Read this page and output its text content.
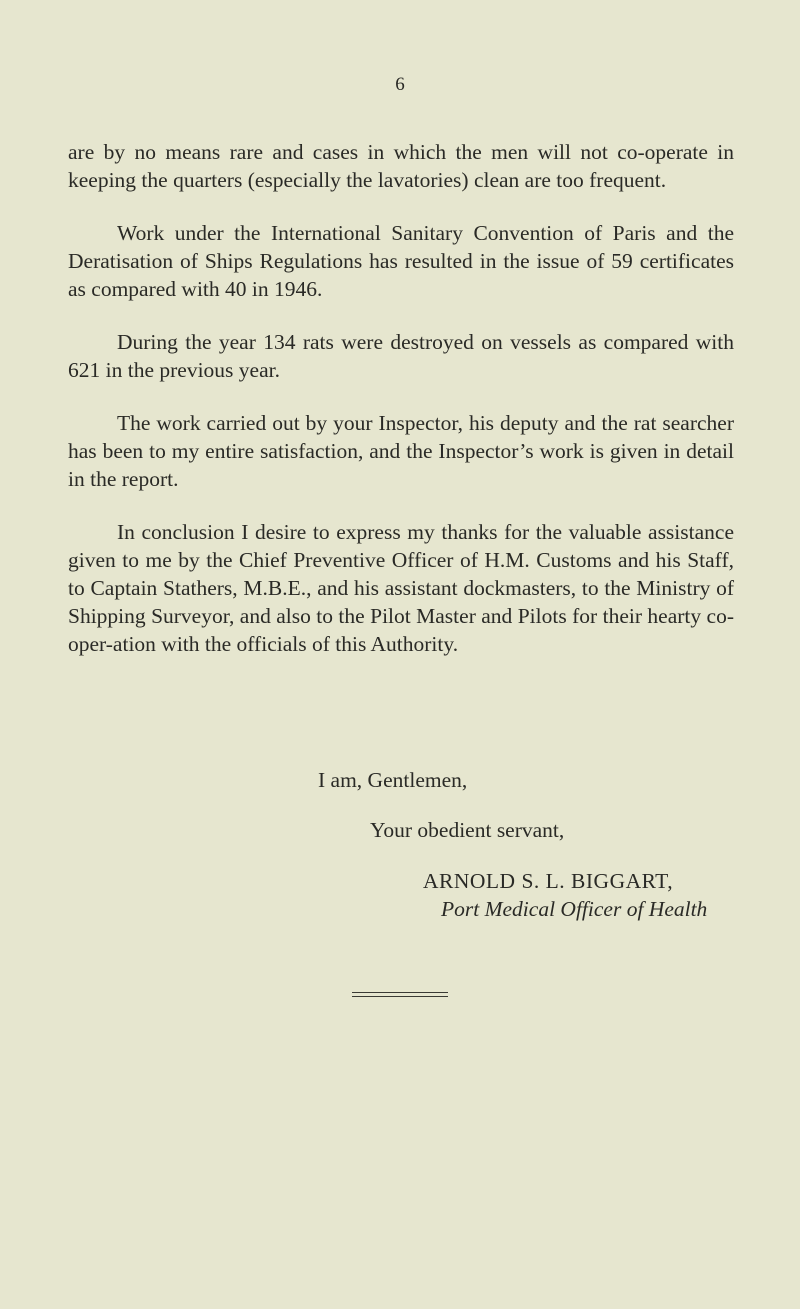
6

are by no means rare and cases in which the men will not co-operate in keeping the quarters (especially the lavatories) clean are too frequent.

Work under the International Sanitary Convention of Paris and the Deratisation of Ships Regulations has resulted in the issue of 59 certificates as compared with 40 in 1946.

During the year 134 rats were destroyed on vessels as compared with 621 in the previous year.

The work carried out by your Inspector, his deputy and the rat searcher has been to my entire satisfaction, and the Inspector’s work is given in detail in the report.

In conclusion I desire to express my thanks for the valuable assistance given to me by the Chief Preventive Officer of H.M. Customs and his Staff, to Captain Stathers, M.B.E., and his assistant dockmasters, to the Ministry of Shipping Surveyor, and also to the Pilot Master and Pilots for their hearty co-oper-ation with the officials of this Authority.

I am, Gentlemen,
Your obedient servant,
ARNOLD S. L. BIGGART,
Port Medical Officer of Health
